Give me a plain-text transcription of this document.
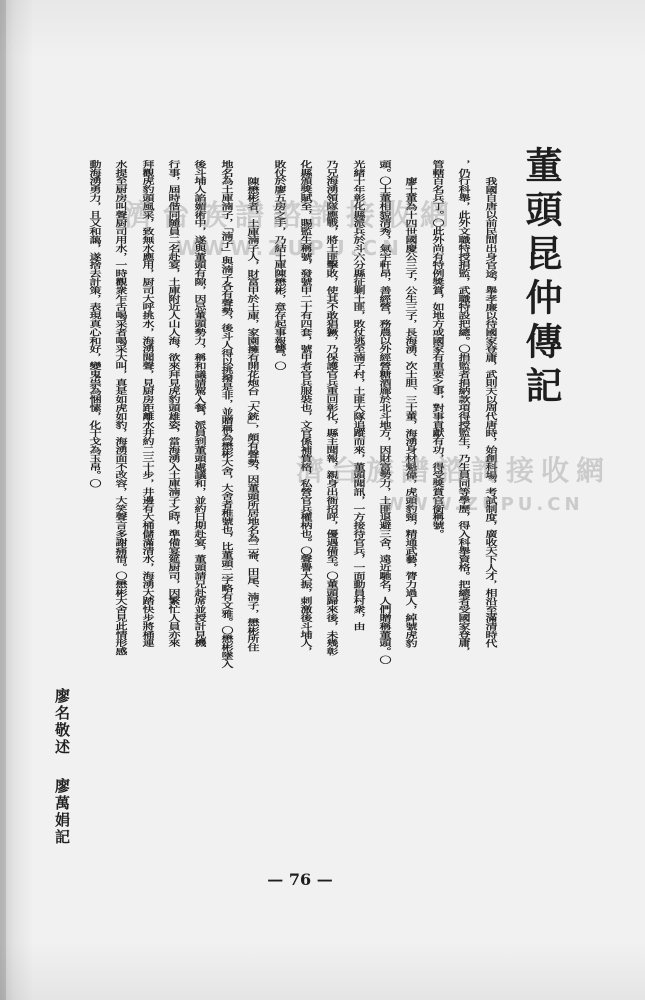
董頭昆仲傳記
我國自唐以前民間出身官途，舉孝廉以待國家登庸，武則天以周代唐時，始創科場，考試制度，廣收天下人才，相沿至滿清時代
，仍行科舉，此外文職特授捐監，武職特設把總。〇捐監者捐納款項得授監生，乃生員同等學歷，得入科舉資格。把總者受國家登庸，
管轄百名兵丁。〇此外尚有特例獎賞，如地方或國家有重要之事，對事貢獻有功，得受獎賞官銜稱號。
廖士董為十四世國慶公三子，公生三子，長海湧、次士胆、三士董，海湧身材魁偉，虎頭豹頸，精通武藝，膂力過人，綽號虎豹
頭。〇士董相貌清秀，氣宇軒昂，善經營，務農以外經營糖酒廍於北斗地方，因財富勢力，土匪退避三舍，遠近馳名，人們贈稱董頭。〇
光緒十年彰化縣派兵於斗六分縣征剿土匪，敗仗逃至湳子村，土匪大隊追蹤而來，董頭聞訊，一方接待官兵，一面動員村衆，由
乃兄海湧領隊應戰，將土匪擊敗，使其不敢猖獗，乃保護官兵重回彰化，縣主聞報，親身出衙招呼，優遇備至。〇董頭歸來後，未幾彰
化縣頒獎賦至，賜監生稱號，發號甲二十有四套，號甲者官兵服裝也，文官係補貲格，私營官兵權柄也。〇聲譽大振，刺激後斗埔人，
敗仗於廖五房之手，乃結土庫陳懋彬，意存起事報讐。〇
陳懋彬者，土庫湳子人，財富甲於土庫，家園擁有開花炮台「大銃」，頗有聲勢，因董頭所居地名為二崙、田尾、湳子，懋彬所住
地名為土庫湳子，「湳子」與湳子各有聲勢，後斗人得以挑撥是非，並贈稱為懋彬大舍，大舍者稚號也，比董頭二字略有文雅。〇懋彬墜入
後斗埔人諂媚術中，遂與董頭有隙，因忌董頭勢力，稱和議請駕入餐，派員到董頭處議和，並約日期赴宴，董頭請兄赴席並授計見機
行事，屆時偕同隨員二名赴宴，土庫附近人山人海，欲來拜見虎豹頭雄姿，當海湧入土庫湳子之時，準備宴筵厨司，因繁忙人員亦來
拜觀虎豹頭風采，致無水應用，厨司大呼挑水，海湧聞聲，見厨房距離水井約二三十步，井邊有大桶儲滿清水，海湧大踏快步將桶連
水提至厨房叫聲厨司用水，一時觀衆乍舌喝采者喝采大叫，真是如虎如豹，海湧面不改容，大笑聲言多謝痛惜。〇懋彬大舍見此情形感
動海湧勇力，且又和藹，遂捨去計策，表現真心和好，變鬼祟為悃愫，化干戈為玉帛。〇
廖名敬述
廖萬娟記
— 76 —
濟台族譜諮詢接收網
WWW.ZUPU.CN
濟台族譜諮詢接收網
WWW.ZUPU.CN
